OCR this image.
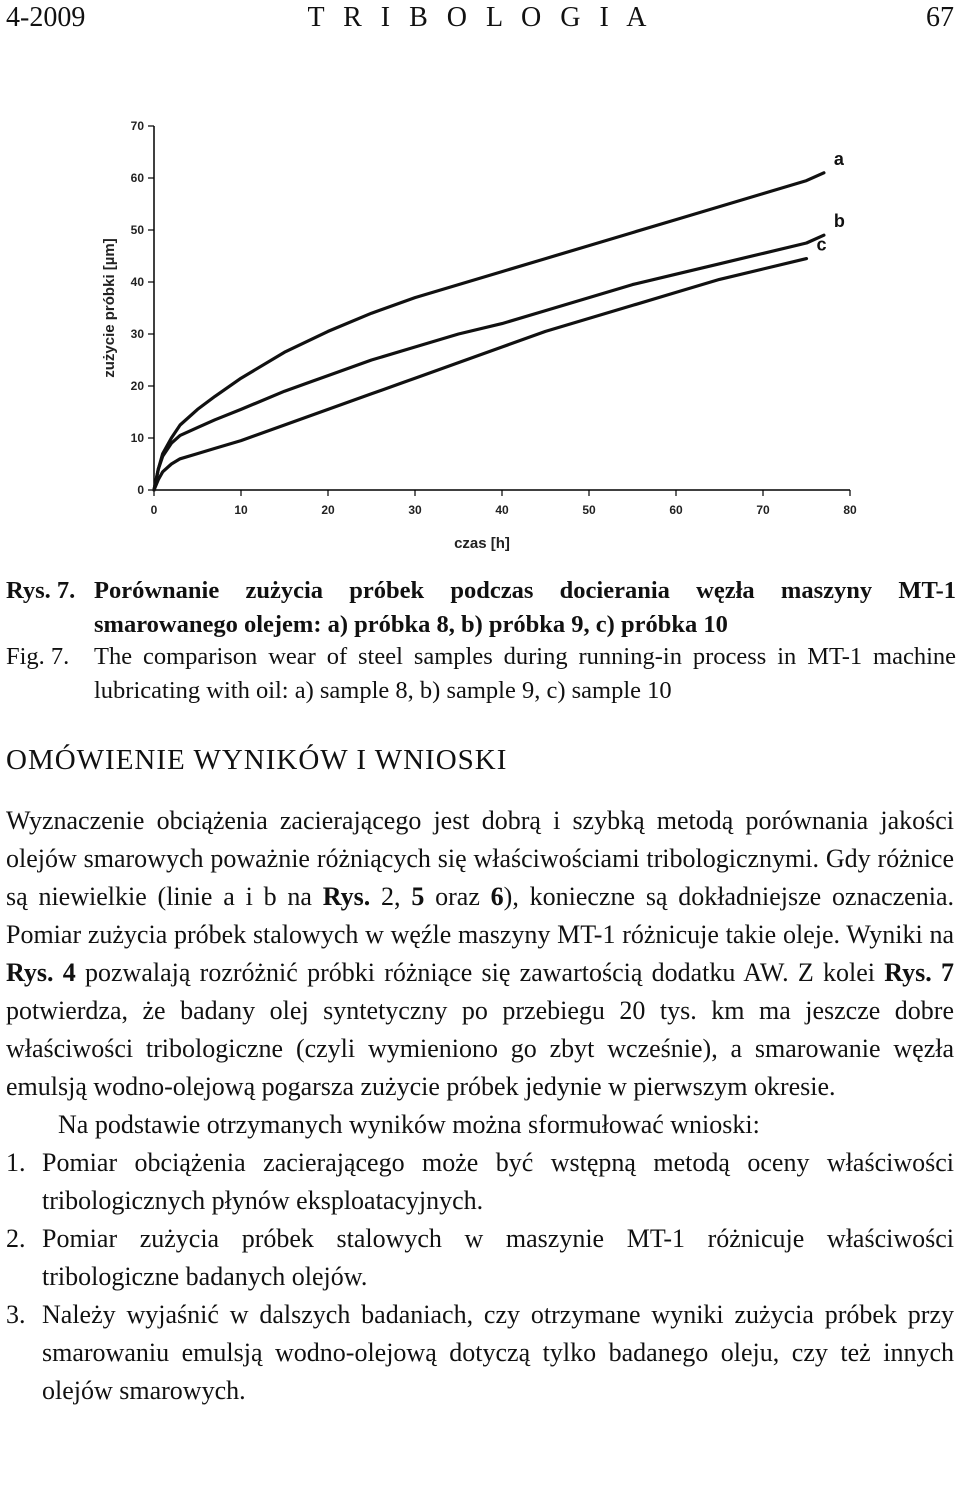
4-2009	T R I B O L O G I A	67
0
10
20
30
40
50
60
70
0	10	20	30	40	50	60	70	80
czas [h]
zużycie próbki [µm]
a
b
c
Rys. 7. Porównanie zużycia próbek podczas docierania węzła maszyny MT-1 smarowanego olejem: a) próbka 8, b) próbka 9, c) próbka 10
Fig. 7. The comparison wear of steel samples during running-in process in MT-1 machine lubricating with oil: a) sample 8, b) sample 9, c) sample 10
OMÓWIENIE WYNIKÓW I WNIOSKI

Wyznaczenie obciążenia zacierającego jest dobrą i szybką metodą porównania jakości olejów smarowych poważnie różniących się właściwościami tribologicznymi. Gdy różnice są niewielkie (linie a i b na Rys. 2, 5 oraz 6), konieczne są dokładniejsze oznaczenia. Pomiar zużycia próbek stalowych w węźle maszyny MT-1 różnicuje takie oleje. Wyniki na Rys. 4 pozwalają rozróżnić próbki różniące się zawartością dodatku AW. Z kolei Rys. 7 potwierdza, że badany olej syntetyczny po przebiegu 20 tys. km ma jeszcze dobre właściwości tribologiczne (czyli wymieniono go zbyt wcześnie), a smarowanie węzła emulsją wodno-olejową pogarsza zużycie próbek jedynie w pierwszym okresie.

Na podstawie otrzymanych wyników można sformułować wnioski:

1. Pomiar obciążenia zacierającego może być wstępną metodą oceny właściwości tribologicznych płynów eksploatacyjnych.
2. Pomiar zużycia próbek stalowych w maszynie MT-1 różnicuje właściwości tribologiczne badanych olejów.
3. Należy wyjaśnić w dalszych badaniach, czy otrzymane wyniki zużycia próbek przy smarowaniu emulsją wodno-olejową dotyczą tylko badanego oleju, czy też innych olejów smarowych.
